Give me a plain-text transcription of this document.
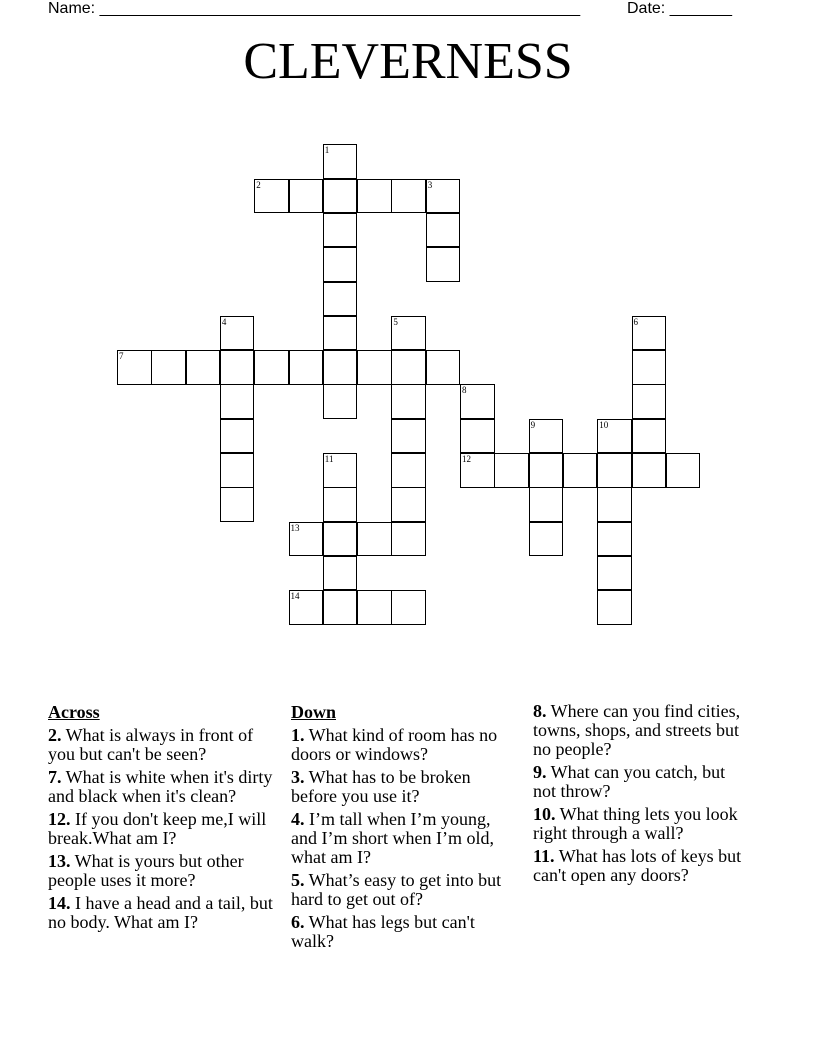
Name: ______________________________________________________	Date: _______
CLEVERNESS
1
2	3
4	5	6
7
8
9	10
11	12
13
14
Across
2. What is always in front of you but can't be seen?
7. What is white when it's dirty and black when it's clean?
12. If you don't keep me,I will break.What am I?
13. What is yours but other people uses it more?
14. I have a head and a tail, but no body. What am I?
Down
1. What kind of room has no doors or windows?
3. What has to be broken before you use it?
4. I’m tall when I’m young, and I’m short when I’m old, what am I?
5. What’s easy to get into but hard to get out of?
6. What has legs but can't walk?
8. Where can you find cities, towns, shops, and streets but no people?
9. What can you catch, but not throw?
10. What thing lets you look right through a wall?
11. What has lots of keys but can't open any doors?
